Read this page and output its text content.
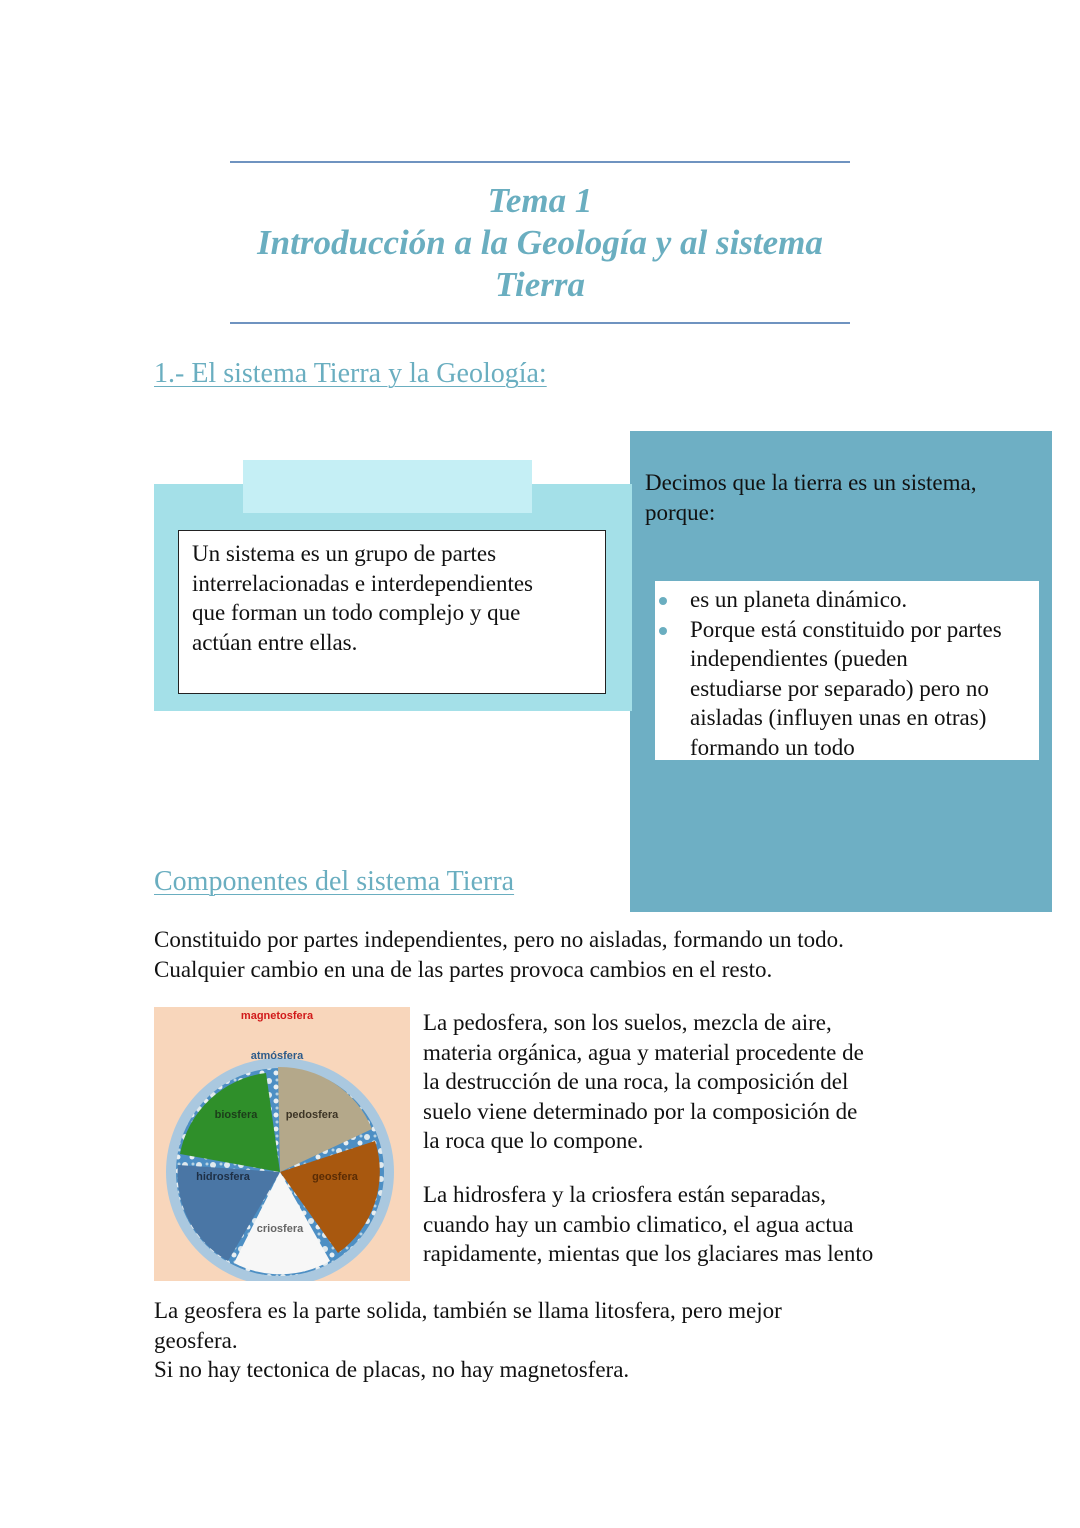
Tema 1
Introducción a la Geología y al sistema
Tierra
1.- El sistema Tierra y la Geología:
Un sistema es un grupo de partes
interrelacionadas e interdependientes
que forman un todo complejo y que
actúan entre ellas.
Decimos que la tierra es un sistema,
porque:
es un planeta dinámico.
Porque está constituido por partes
independientes (pueden
estudiarse por separado) pero no
aisladas (influyen unas en otras)
formando un todo
Componentes del sistema Tierra
Constituido por partes independientes, pero no aisladas, formando un todo.
Cualquier cambio en una de las partes provoca cambios en el resto.
magnetosfera
atmósfera
biosfera	pedosfera
hidrosfera	geosfera
criosfera
La pedosfera, son los suelos, mezcla de aire,
materia orgánica, agua y material procedente de
la destrucción de una roca, la composición del
suelo viene determinado por la composición de
la roca que lo compone.
La hidrosfera y la criosfera están separadas,
cuando hay un cambio climatico, el agua actua
rapidamente, mientas que los glaciares mas lento
La geosfera es la parte solida, también se llama litosfera, pero mejor
geosfera.
Si no hay tectonica de placas, no hay magnetosfera.
